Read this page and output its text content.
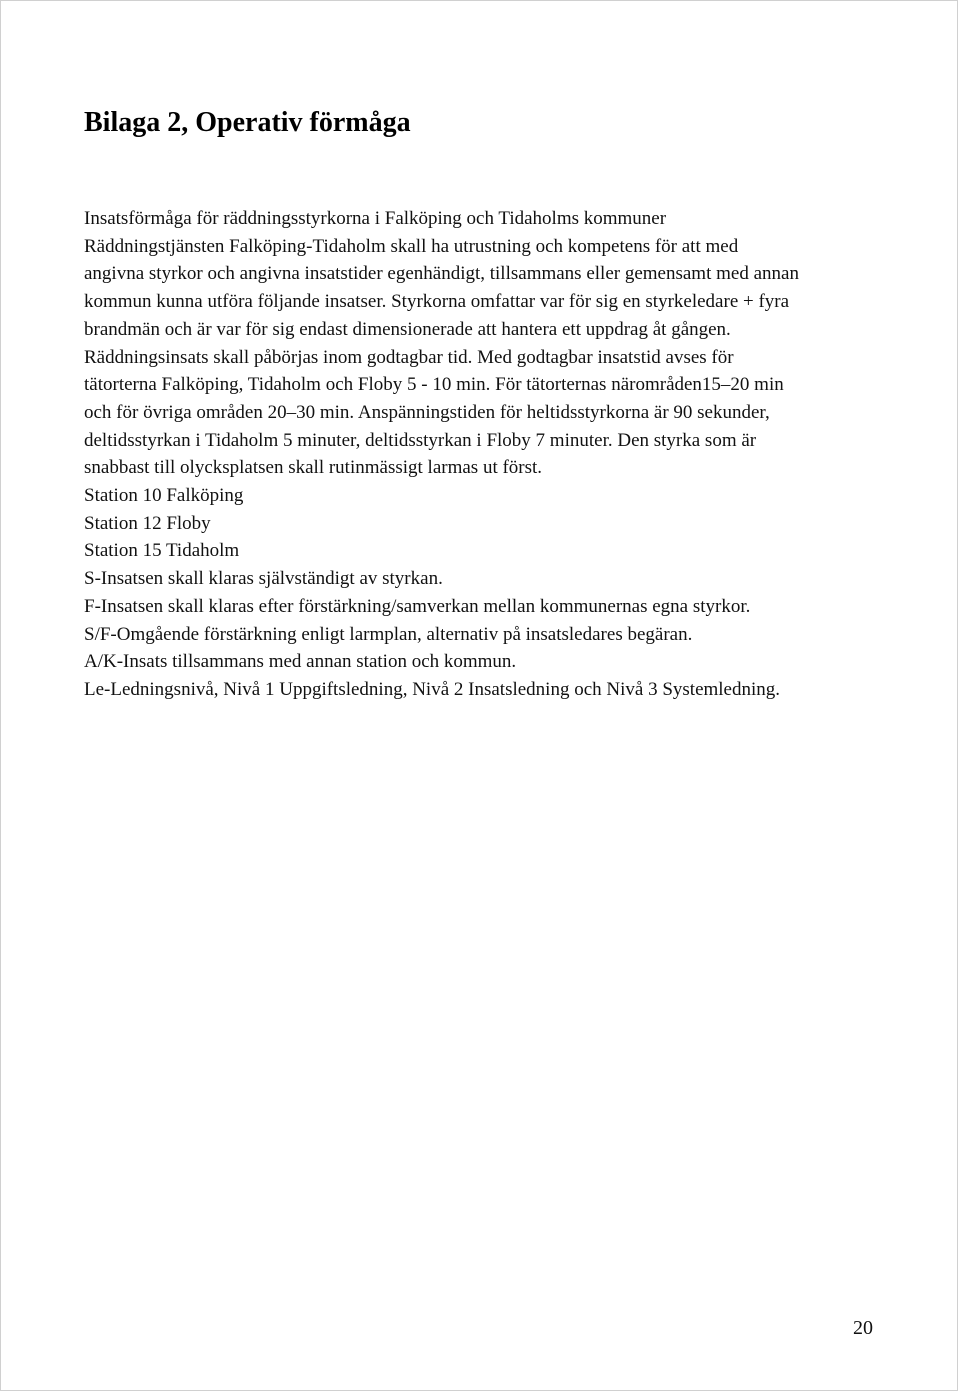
Bilaga 2, Operativ förmåga
Insatsförmåga för räddningsstyrkorna i Falköping och Tidaholms kommuner
Räddningstjänsten Falköping-Tidaholm skall ha utrustning och kompetens för att med
angivna styrkor och angivna insatstider egenhändigt, tillsammans eller gemensamt med annan
kommun kunna utföra följande insatser. Styrkorna omfattar var för sig en styrkeledare + fyra
brandmän och är var för sig endast dimensionerade att hantera ett uppdrag åt gången.
Räddningsinsats skall påbörjas inom godtagbar tid. Med godtagbar insatstid avses för
tätorterna Falköping, Tidaholm och Floby 5 - 10 min. För tätorternas närområden15–20 min
och för övriga områden 20–30 min. Anspänningstiden för heltidsstyrkorna är 90 sekunder,
deltidsstyrkan i Tidaholm 5 minuter, deltidsstyrkan i Floby 7 minuter. Den styrka som är
snabbast till olycksplatsen skall rutinmässigt larmas ut först.
Station 10 Falköping
Station 12 Floby
Station 15 Tidaholm
S-Insatsen skall klaras självständigt av styrkan.
F-Insatsen skall klaras efter förstärkning/samverkan mellan kommunernas egna styrkor.
S/F-Omgående förstärkning enligt larmplan, alternativ på insatsledares begäran.
A/K-Insats tillsammans med annan station och kommun.
Le-Ledningsnivå, Nivå 1 Uppgiftsledning, Nivå 2 Insatsledning och Nivå 3 Systemledning.
20
